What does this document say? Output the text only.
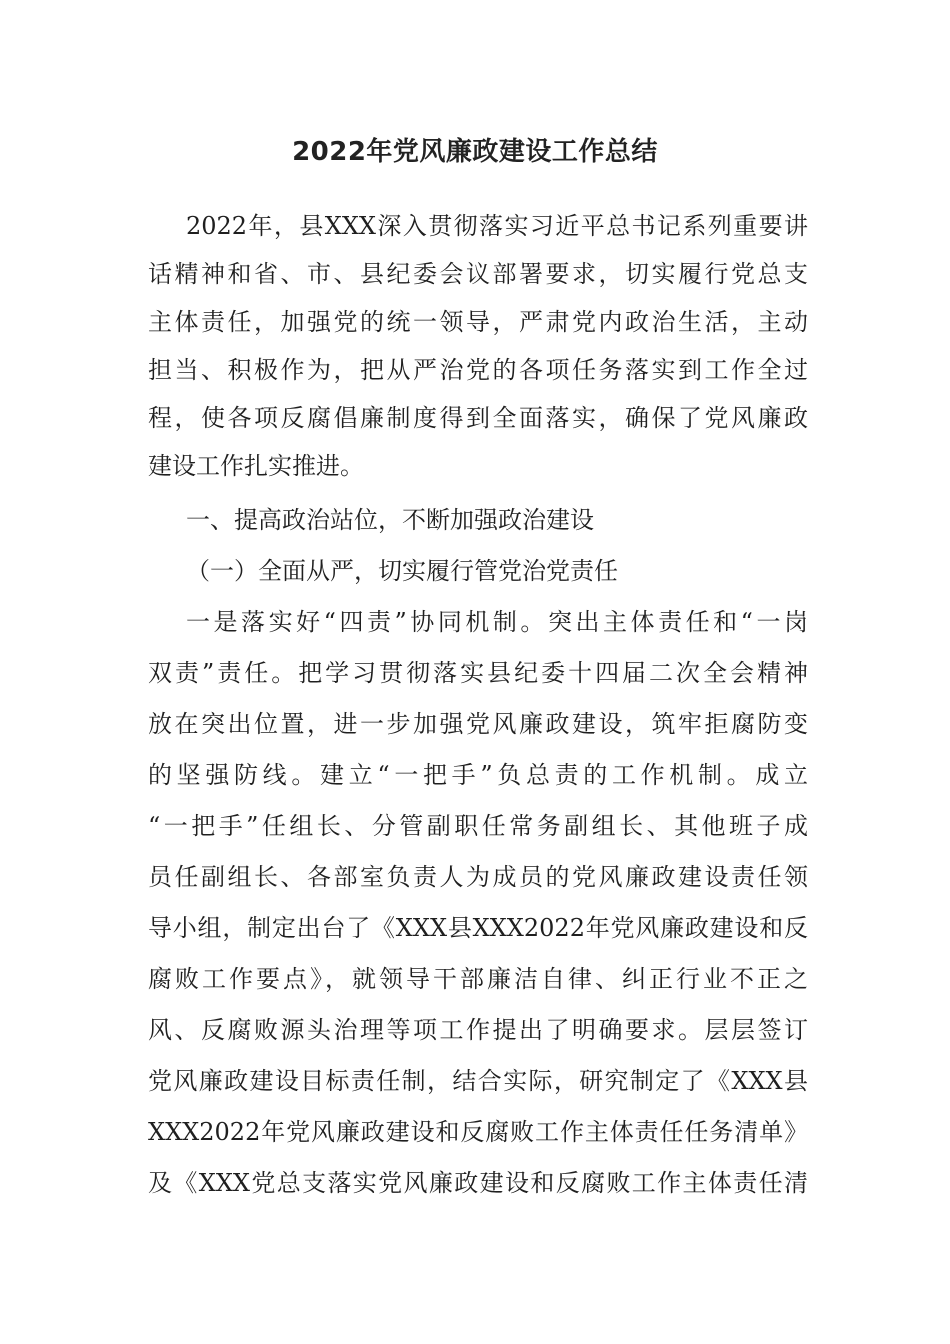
2022年党风廉政建设工作总结
2022年，县XXX深入贯彻落实习近平总书记系列重要讲
话精神和省、市、县纪委会议部署要求，切实履行党总支
主体责任，加强党的统一领导，严肃党内政治生活，主动
担当、积极作为，把从严治党的各项任务落实到工作全过
程，使各项反腐倡廉制度得到全面落实，确保了党风廉政
建设工作扎实推进。
一、提高政治站位，不断加强政治建设
（一）全面从严，切实履行管党治党责任
一是落实好“四责”协同机制。突出主体责任和“一岗
双责”责任。把学习贯彻落实县纪委十四届二次全会精神
放在突出位置，进一步加强党风廉政建设，筑牢拒腐防变
的坚强防线。建立“一把手”负总责的工作机制。成立
“一把手”任组长、分管副职任常务副组长、其他班子成
员任副组长、各部室负责人为成员的党风廉政建设责任领
导小组，制定出台了《XXX县XXX2022年党风廉政建设和反
腐败工作要点》，就领导干部廉洁自律、纠正行业不正之
风、反腐败源头治理等项工作提出了明确要求。层层签订
党风廉政建设目标责任制，结合实际，研究制定了《XXX县
XXX2022年党风廉政建设和反腐败工作主体责任任务清单》
及《XXX党总支落实党风廉政建设和反腐败工作主体责任清
